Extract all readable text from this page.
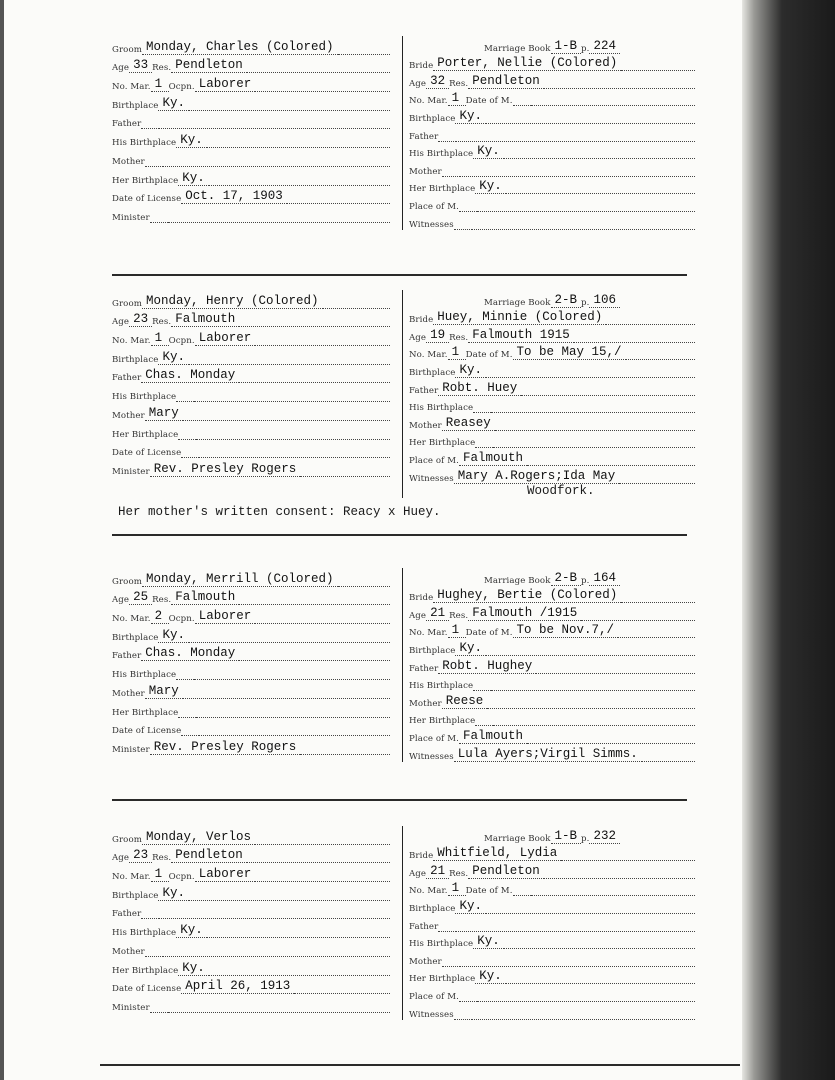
Groom Monday, Charles (Colored)
Age 33 Res. Pendleton
No. Mar. 1 Ocpn. Laborer
Birthplace Ky.
Father
His Birthplace Ky.
Mother
Her Birthplace Ky.
Date of License Oct. 17, 1903
Minister
Marriage Book 1-B p. 224
Bride Porter, Nellie (Colored)
Age 32 Res. Pendleton
No. Mar. 1 Date of M.
Birthplace Ky.
Father
His Birthplace Ky.
Mother
Her Birthplace Ky.
Place of M.
Witnesses
Groom Monday, Henry (Colored)
Age 23 Res. Falmouth
No. Mar. 1 Ocpn. Laborer
Birthplace Ky.
Father Chas. Monday
His Birthplace
Mother Mary
Her Birthplace
Date of License
Minister Rev. Presley Rogers
Marriage Book 2-B p. 106
Bride Huey, Minnie (Colored)
Age 19 Res. Falmouth 1915
No. Mar. 1 Date of M. To be May 15,/
Birthplace Ky.
Father Robt. Huey
His Birthplace
Mother Reasey
Her Birthplace
Place of M. Falmouth
Witnesses Mary A.Rogers;Ida May
Woodfork.
Groom Monday, Merrill (Colored)
Age 25 Res. Falmouth
No. Mar. 2 Ocpn. Laborer
Birthplace Ky.
Father Chas. Monday
His Birthplace
Mother Mary
Her Birthplace
Date of License
Minister Rev. Presley Rogers
Marriage Book 2-B p. 164
Bride Hughey, Bertie (Colored)
Age 21 Res. Falmouth /1915
No. Mar. 1 Date of M. To be Nov.7,/
Birthplace Ky.
Father Robt. Hughey
His Birthplace
Mother Reese
Her Birthplace
Place of M. Falmouth
Witnesses Lula Ayers;Virgil Simms.
Groom Monday, Verlos
Age 23 Res. Pendleton
No. Mar. 1 Ocpn. Laborer
Birthplace Ky.
Father
His Birthplace Ky.
Mother
Her Birthplace Ky.
Date of License April 26, 1913
Minister
Marriage Book 1-B p. 232
Bride Whitfield, Lydia
Age 21 Res. Pendleton
No. Mar. 1 Date of M.
Birthplace Ky.
Father
His Birthplace Ky.
Mother
Her Birthplace Ky.
Place of M.
Witnesses
Her mother's written consent: Reacy x Huey.
